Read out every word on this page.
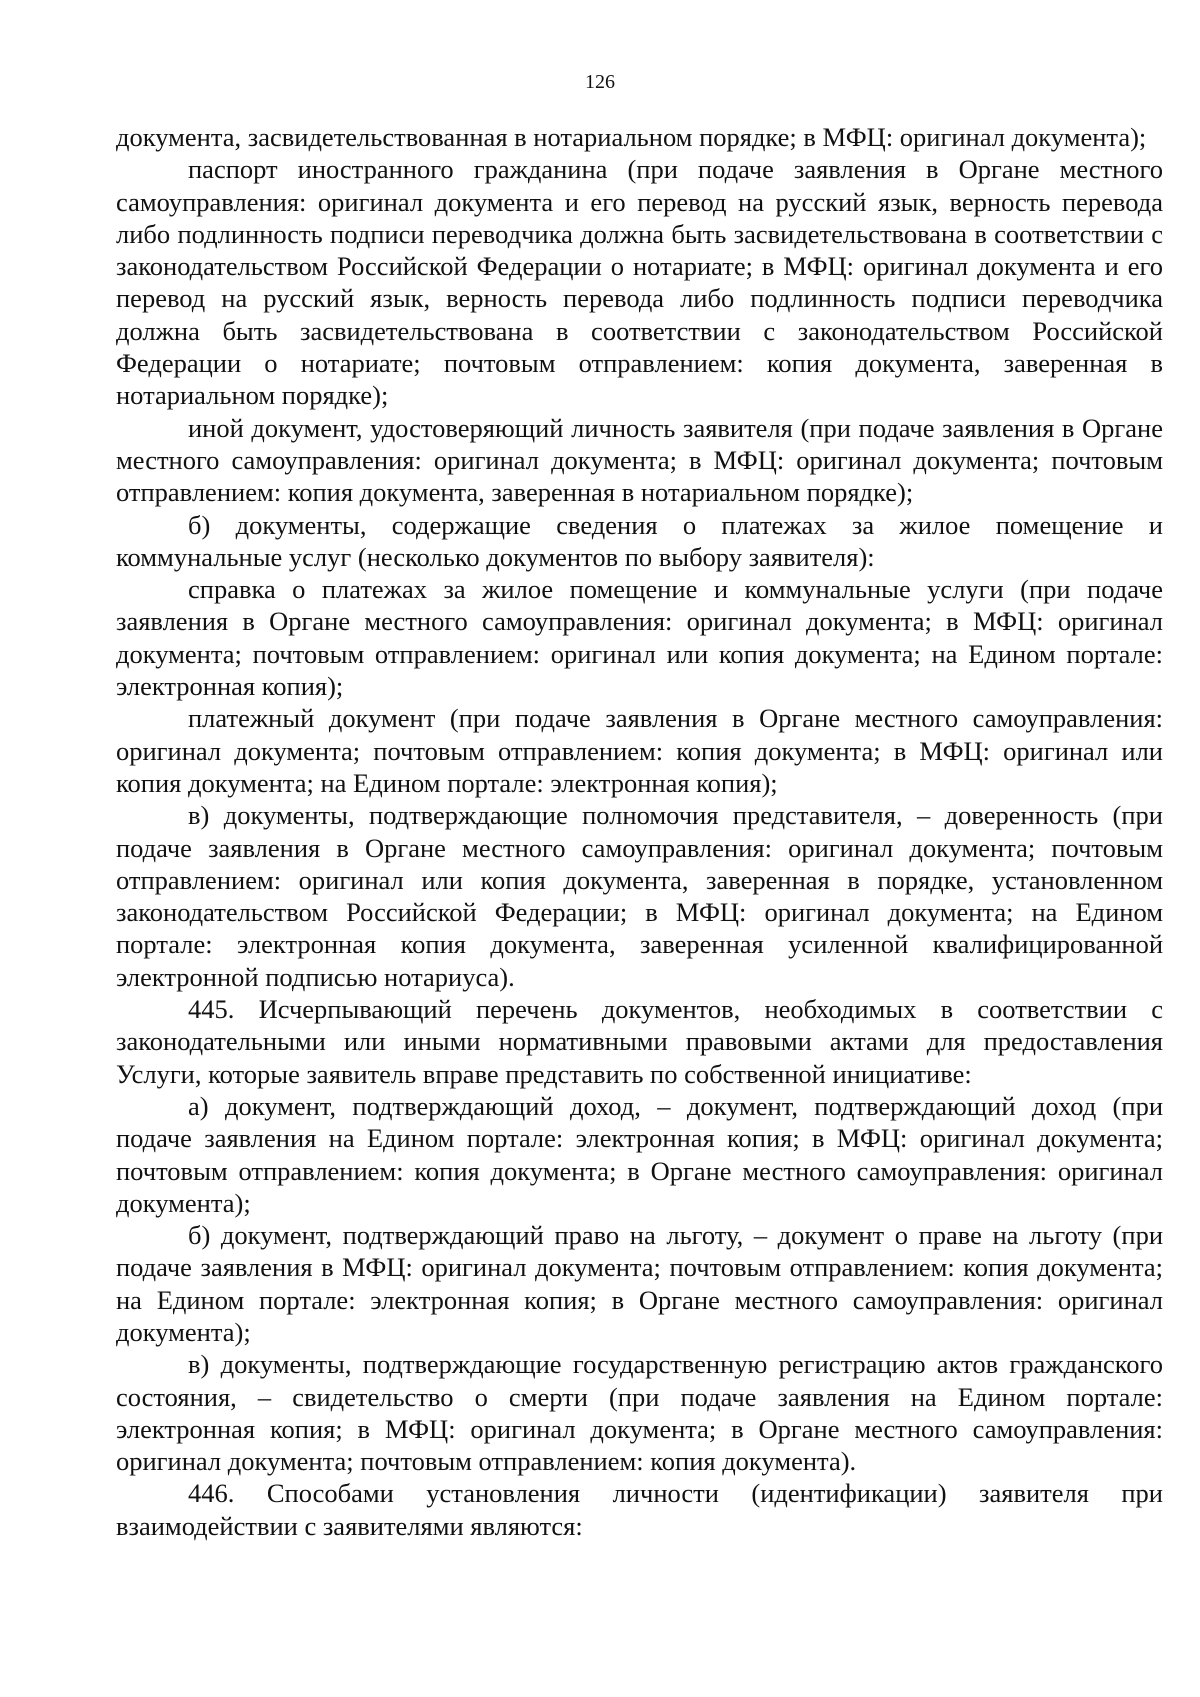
126

документа, засвидетельствованная в нотариальном порядке; в МФЦ: оригинал документа);

паспорт иностранного гражданина (при подаче заявления в Органе местного самоуправления: оригинал документа и его перевод на русский язык, верность перевода либо подлинность подписи переводчика должна быть засвидетельствована в соответствии с законодательством Российской Федерации о нотариате; в МФЦ: оригинал документа и его перевод на русский язык, верность перевода либо подлинность подписи переводчика должна быть засвидетельствована в соответствии с законодательством Российской Федерации о нотариате; почтовым отправлением: копия документа, заверенная в нотариальном порядке);

иной документ, удостоверяющий личность заявителя (при подаче заявления в Органе местного самоуправления: оригинал документа; в МФЦ: оригинал документа; почтовым отправлением: копия документа, заверенная в нотариальном порядке);

б) документы, содержащие сведения о платежах за жилое помещение и коммунальные услуг (несколько документов по выбору заявителя):

справка о платежах за жилое помещение и коммунальные услуги (при подаче заявления в Органе местного самоуправления: оригинал документа; в МФЦ: оригинал документа; почтовым отправлением: оригинал или копия документа; на Едином портале: электронная копия);

платежный документ (при подаче заявления в Органе местного самоуправления: оригинал документа; почтовым отправлением: копия документа; в МФЦ: оригинал или копия документа; на Едином портале: электронная копия);

в) документы, подтверждающие полномочия представителя, – доверенность (при подаче заявления в Органе местного самоуправления: оригинал документа; почтовым отправлением: оригинал или копия документа, заверенная в порядке, установленном законодательством Российской Федерации; в МФЦ: оригинал документа; на Едином портале: электронная копия документа, заверенная усиленной квалифицированной электронной подписью нотариуса).

445. Исчерпывающий перечень документов, необходимых в соответствии с законодательными или иными нормативными правовыми актами для предоставления Услуги, которые заявитель вправе представить по собственной инициативе:

а) документ, подтверждающий доход, – документ, подтверждающий доход (при подаче заявления на Едином портале: электронная копия; в МФЦ: оригинал документа; почтовым отправлением: копия документа; в Органе местного самоуправления: оригинал документа);

б) документ, подтверждающий право на льготу, – документ о праве на льготу (при подаче заявления в МФЦ: оригинал документа; почтовым отправлением: копия документа; на Едином портале: электронная копия; в Органе местного самоуправления: оригинал документа);

в) документы, подтверждающие государственную регистрацию актов гражданского состояния, – свидетельство о смерти (при подаче заявления на Едином портале: электронная копия; в МФЦ: оригинал документа; в Органе местного самоуправления: оригинал документа; почтовым отправлением: копия документа).

446. Способами установления личности (идентификации) заявителя при взаимодействии с заявителями являются:
